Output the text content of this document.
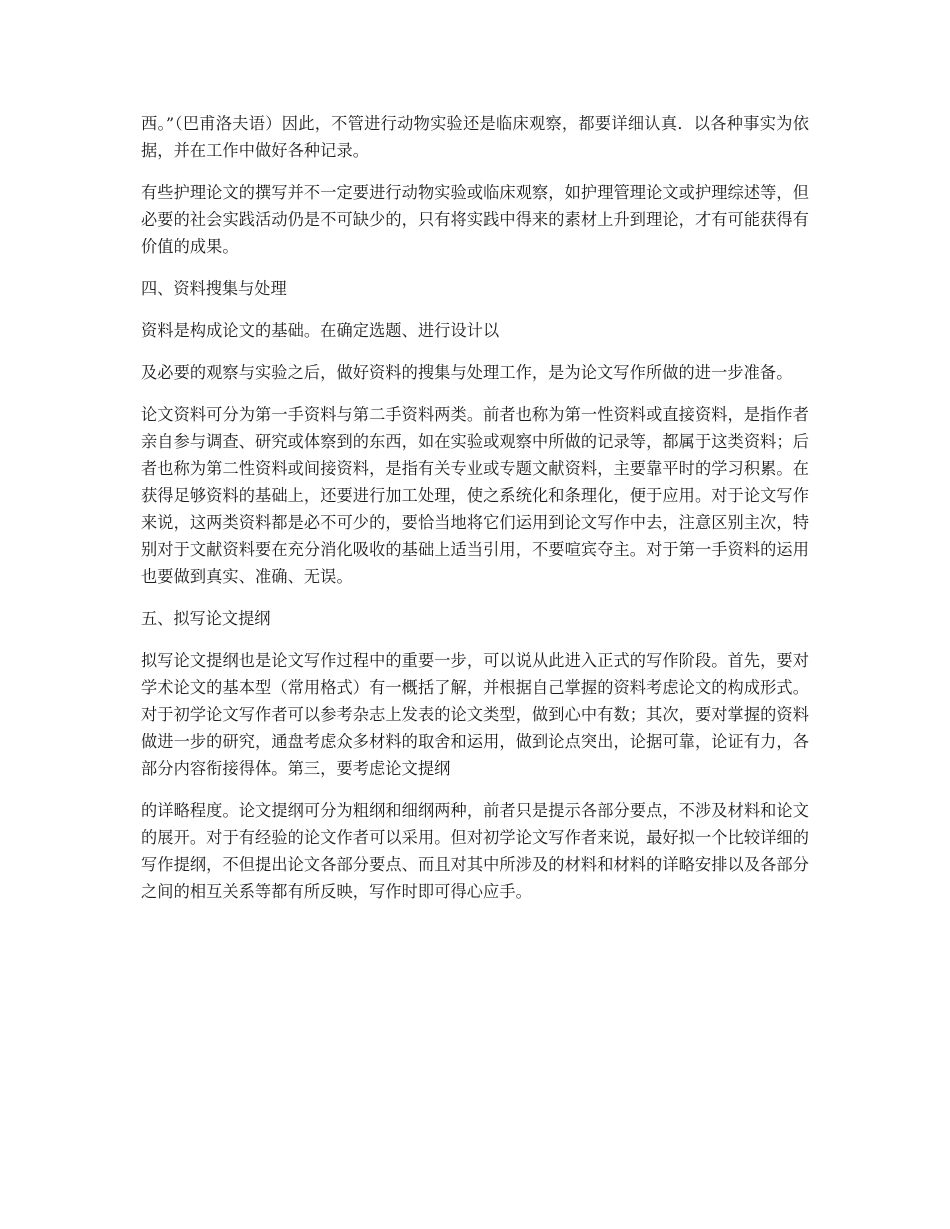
西。”（巴甫洛夫语）因此，不管进行动物实验还是临床观察，都要详细认真．以各种事实为依据，并在工作中做好各种记录。

有些护理论文的撰写并不一定要进行动物实验或临床观察，如护理管理论文或护理综述等，但必要的社会实践活动仍是不可缺少的，只有将实践中得来的素材上升到理论，才有可能获得有价值的成果。

四、资料搜集与处理

资料是构成论文的基础。在确定选题、进行设计以

及必要的观察与实验之后，做好资料的搜集与处理工作，是为论文写作所做的进一步准备。

论文资料可分为第一手资料与第二手资料两类。前者也称为第一性资料或直接资料，是指作者亲自参与调查、研究或体察到的东西，如在实验或观察中所做的记录等，都属于这类资料；后者也称为第二性资料或间接资料，是指有关专业或专题文献资料，主要靠平时的学习积累。在获得足够资料的基础上，还要进行加工处理，使之系统化和条理化，便于应用。对于论文写作来说，这两类资料都是必不可少的，要恰当地将它们运用到论文写作中去，注意区别主次，特别对于文献资料要在充分消化吸收的基础上适当引用，不要喧宾夺主。对于第一手资料的运用也要做到真实、准确、无误。

五、拟写论文提纲

拟写论文提纲也是论文写作过程中的重要一步，可以说从此进入正式的写作阶段。首先，要对学术论文的基本型（常用格式）有一概括了解，并根据自己掌握的资料考虑论文的构成形式。对于初学论文写作者可以参考杂志上发表的论文类型，做到心中有数；其次，要对掌握的资料做进一步的研究，通盘考虑众多材料的取舍和运用，做到论点突出，论据可靠，论证有力，各部分内容衔接得体。第三，要考虑论文提纲

的详略程度。论文提纲可分为粗纲和细纲两种，前者只是提示各部分要点，不涉及材料和论文的展开。对于有经验的论文作者可以采用。但对初学论文写作者来说，最好拟一个比较详细的写作提纲，不但提出论文各部分要点、而且对其中所涉及的材料和材料的详略安排以及各部分之间的相互关系等都有所反映，写作时即可得心应手。
